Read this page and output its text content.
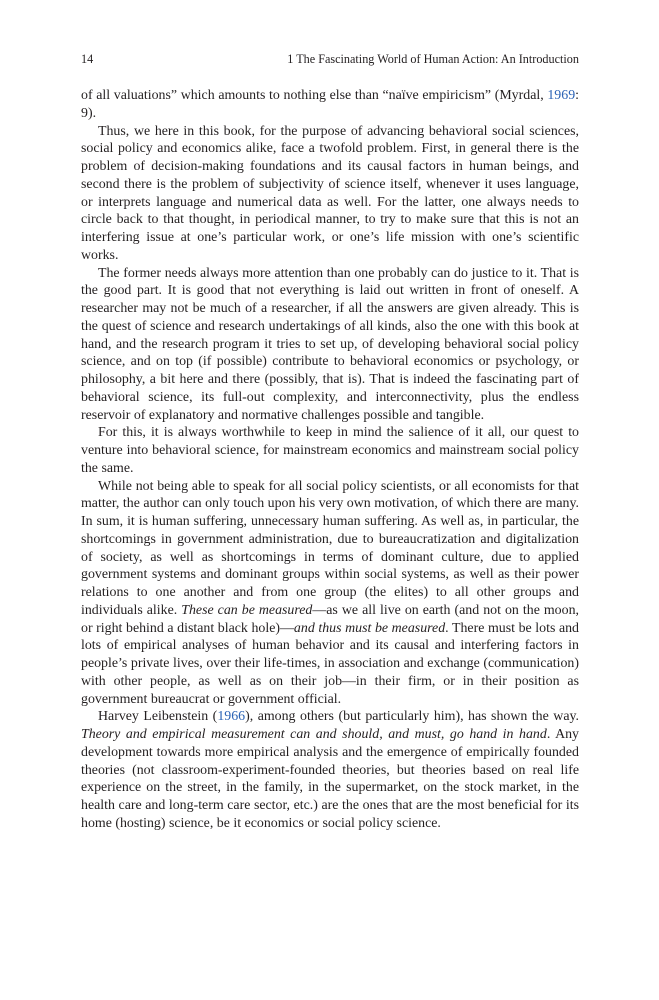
14	1 The Fascinating World of Human Action: An Introduction

of all valuations” which amounts to nothing else than “naïve empiricism” (Myrdal, 1969: 9).

Thus, we here in this book, for the purpose of advancing behavioral social sciences, social policy and economics alike, face a twofold problem. First, in general there is the problem of decision-making foundations and its causal factors in human beings, and second there is the problem of subjectivity of science itself, whenever it uses language, or interprets language and numerical data as well. For the latter, one always needs to circle back to that thought, in periodical manner, to try to make sure that this is not an interfering issue at one’s particular work, or one’s life mission with one’s scientific works.

The former needs always more attention than one probably can do justice to it. That is the good part. It is good that not everything is laid out written in front of oneself. A researcher may not be much of a researcher, if all the answers are given already. This is the quest of science and research undertakings of all kinds, also the one with this book at hand, and the research program it tries to set up, of developing behavioral social policy science, and on top (if possible) contribute to behavioral economics or psychology, or philosophy, a bit here and there (possibly, that is). That is indeed the fascinating part of behavioral science, its full-out complexity, and interconnectivity, plus the endless reservoir of explanatory and normative challenges possible and tangible.

For this, it is always worthwhile to keep in mind the salience of it all, our quest to venture into behavioral science, for mainstream economics and mainstream social policy the same.

While not being able to speak for all social policy scientists, or all economists for that matter, the author can only touch upon his very own motivation, of which there are many. In sum, it is human suffering, unnecessary human suffering. As well as, in particular, the shortcomings in government administration, due to bureaucratization and digitalization of society, as well as shortcomings in terms of dominant culture, due to applied government systems and dominant groups within social systems, as well as their power relations to one another and from one group (the elites) to all other groups and individuals alike. These can be measured—as we all live on earth (and not on the moon, or right behind a distant black hole)—and thus must be measured. There must be lots and lots of empirical analyses of human behavior and its causal and interfering factors in people’s private lives, over their life-times, in association and exchange (communication) with other people, as well as on their job—in their firm, or in their position as government bureaucrat or government official.

Harvey Leibenstein (1966), among others (but particularly him), has shown the way. Theory and empirical measurement can and should, and must, go hand in hand. Any development towards more empirical analysis and the emergence of empirically founded theories (not classroom-experiment-founded theories, but theories based on real life experience on the street, in the family, in the supermarket, on the stock market, in the health care and long-term care sector, etc.) are the ones that are the most beneficial for its home (hosting) science, be it economics or social policy science.
